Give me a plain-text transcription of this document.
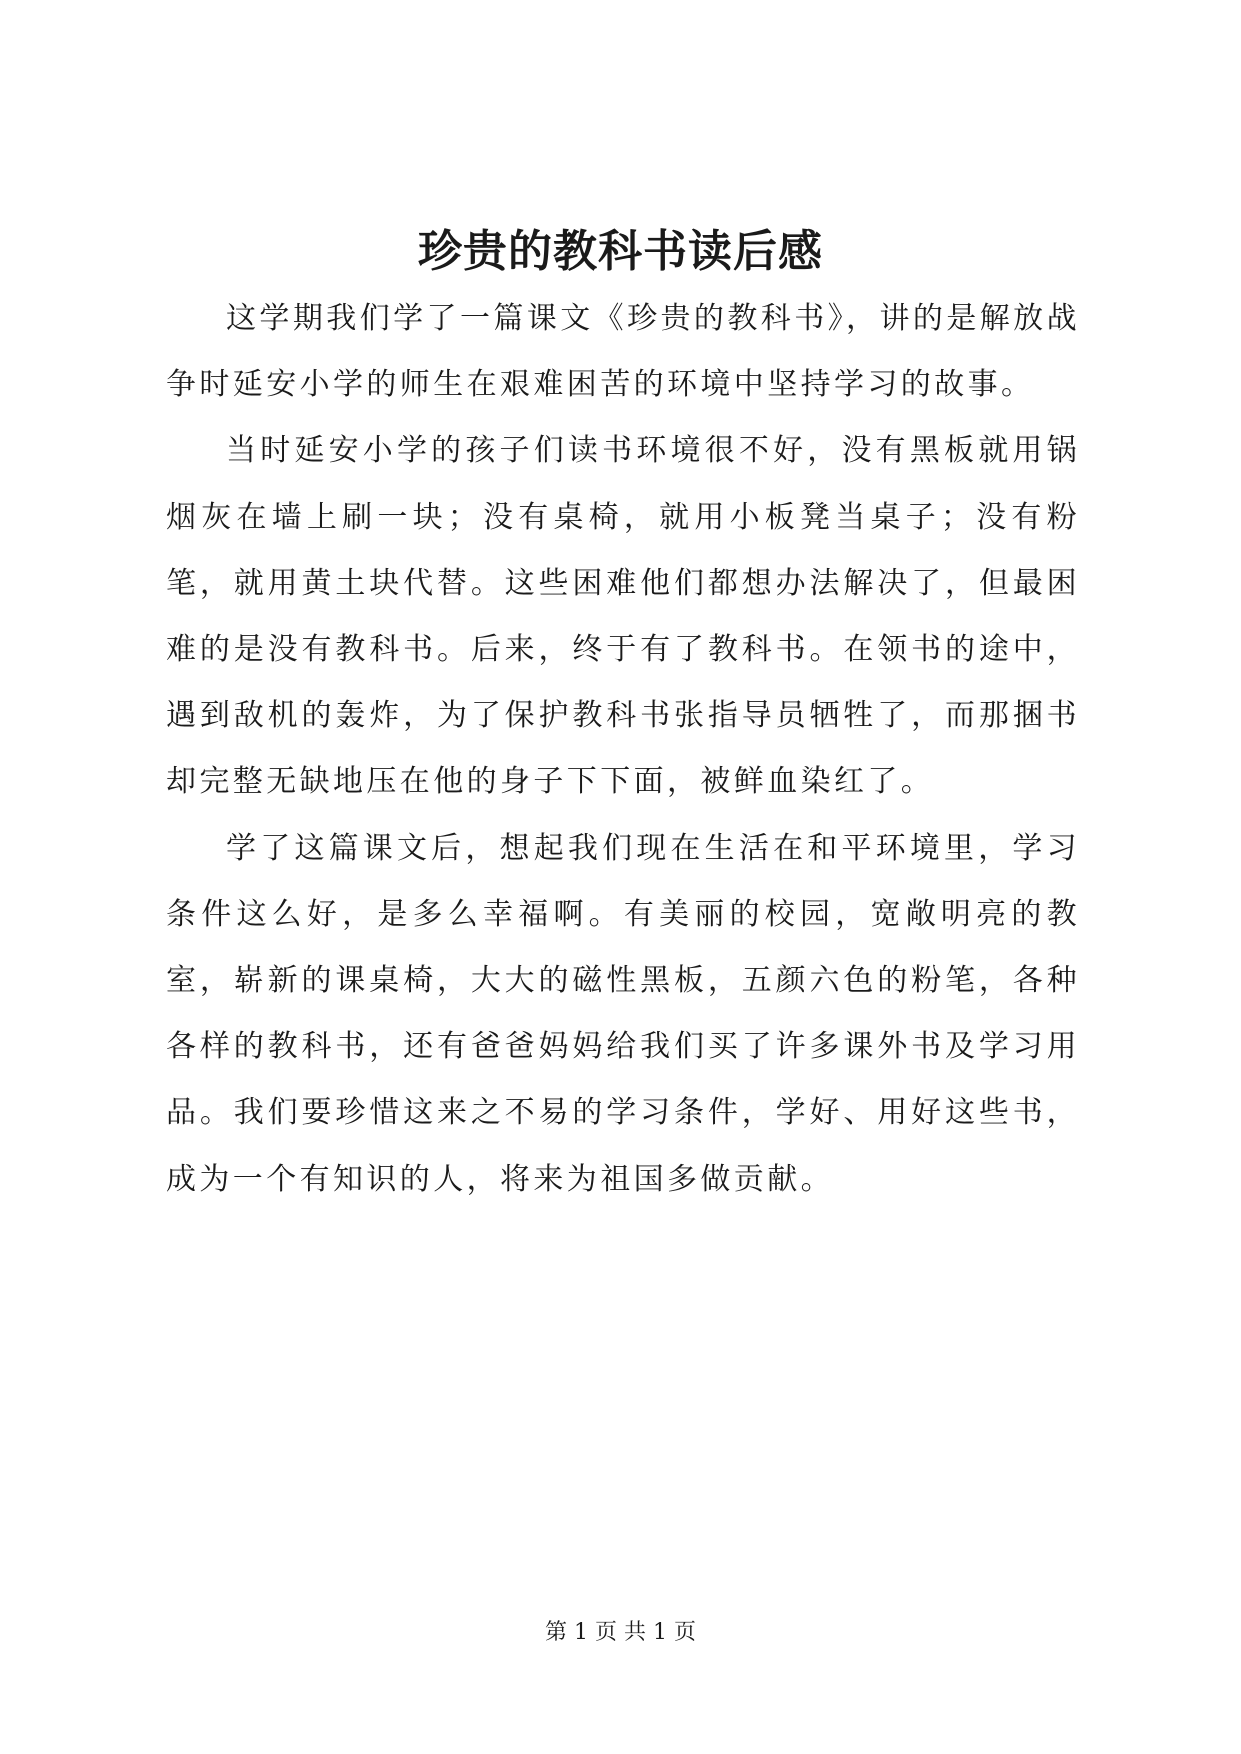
珍贵的教科书读后感

这学期我们学了一篇课文《珍贵的教科书》，讲的是解放战争时延安小学的师生在艰难困苦的环境中坚持学习的故事。

当时延安小学的孩子们读书环境很不好，没有黑板就用锅烟灰在墙上刷一块；没有桌椅，就用小板凳当桌子；没有粉笔，就用黄土块代替。这些困难他们都想办法解决了，但最困难的是没有教科书。后来，终于有了教科书。在领书的途中，遇到敌机的轰炸，为了保护教科书张指导员牺牲了，而那捆书却完整无缺地压在他的身子下下面，被鲜血染红了。

学了这篇课文后，想起我们现在生活在和平环境里，学习条件这么好，是多么幸福啊。有美丽的校园，宽敞明亮的教室，崭新的课桌椅，大大的磁性黑板，五颜六色的粉笔，各种各样的教科书，还有爸爸妈妈给我们买了许多课外书及学习用品。我们要珍惜这来之不易的学习条件，学好、用好这些书，成为一个有知识的人，将来为祖国多做贡献。

第 1 页 共 1 页
